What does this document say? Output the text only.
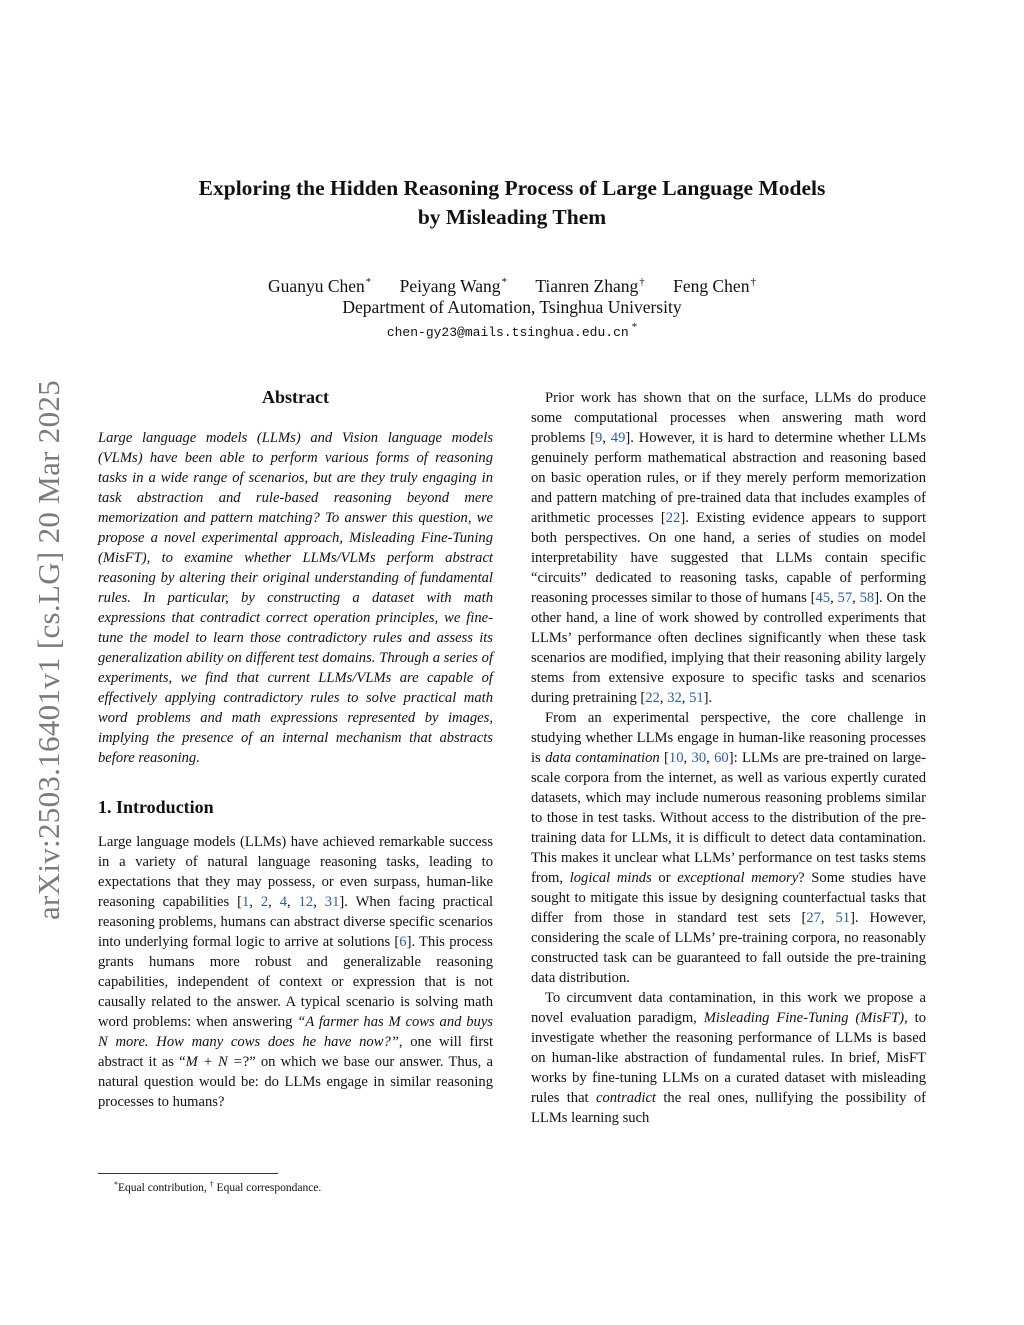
arXiv:2503.16401v1 [cs.LG] 20 Mar 2025
Exploring the Hidden Reasoning Process of Large Language Models
by Misleading Them
Guanyu Chen* Peiyang Wang* Tianren Zhang† Feng Chen†
Department of Automation, Tsinghua University
chen-gy23@mails.tsinghua.edu.cn *
Abstract

Large language models (LLMs) and Vision language models (VLMs) have been able to perform various forms of reasoning tasks in a wide range of scenarios, but are they truly engaging in task abstraction and rule-based reasoning beyond mere memorization and pattern matching? To answer this question, we propose a novel experimental approach, Misleading Fine-Tuning (MisFT), to examine whether LLMs/VLMs perform abstract reasoning by altering their original understanding of fundamental rules. In particular, by constructing a dataset with math expressions that contradict correct operation principles, we fine-tune the model to learn those contradictory rules and assess its generalization ability on different test domains. Through a series of experiments, we find that current LLMs/VLMs are capable of effectively applying contradictory rules to solve practical math word problems and math expressions represented by images, implying the presence of an internal mechanism that abstracts before reasoning.

1. Introduction

Large language models (LLMs) have achieved remarkable success in a variety of natural language reasoning tasks, leading to expectations that they may possess, or even surpass, human-like reasoning capabilities [1, 2, 4, 12, 31]. When facing practical reasoning problems, humans can abstract diverse specific scenarios into underlying formal logic to arrive at solutions [6]. This process grants humans more robust and generalizable reasoning capabilities, independent of context or expression that is not causally related to the answer. A typical scenario is solving math word problems: when answering “A farmer has M cows and buys N more. How many cows does he have now?”, one will first abstract it as “M + N =?” on which we base our answer. Thus, a natural question would be: do LLMs engage in similar reasoning processes to humans?

Prior work has shown that on the surface, LLMs do produce some computational processes when answering math word problems [9, 49]. However, it is hard to determine whether LLMs genuinely perform mathematical abstraction and reasoning based on basic operation rules, or if they merely perform memorization and pattern matching of pre-trained data that includes examples of arithmetic processes [22]. Existing evidence appears to support both perspectives. On one hand, a series of studies on model interpretability have suggested that LLMs contain specific “circuits” dedicated to reasoning tasks, capable of performing reasoning processes similar to those of humans [45, 57, 58]. On the other hand, a line of work showed by controlled experiments that LLMs’ performance often declines significantly when these task scenarios are modified, implying that their reasoning ability largely stems from extensive exposure to specific tasks and scenarios during pretraining [22, 32, 51].

From an experimental perspective, the core challenge in studying whether LLMs engage in human-like reasoning processes is data contamination [10, 30, 60]: LLMs are pre-trained on large-scale corpora from the internet, as well as various expertly curated datasets, which may include numerous reasoning problems similar to those in test tasks. Without access to the distribution of the pre-training data for LLMs, it is difficult to detect data contamination. This makes it unclear what LLMs’ performance on test tasks stems from, logical minds or exceptional memory? Some studies have sought to mitigate this issue by designing counterfactual tasks that differ from those in standard test sets [27, 51]. However, considering the scale of LLMs’ pre-training corpora, no reasonably constructed task can be guaranteed to fall outside the pre-training data distribution.

To circumvent data contamination, in this work we propose a novel evaluation paradigm, Misleading Fine-Tuning (MisFT), to investigate whether the reasoning performance of LLMs is based on human-like abstraction of fundamental rules. In brief, MisFT works by fine-tuning LLMs on a curated dataset with misleading rules that contradict the real ones, nullifying the possibility of LLMs learning such

*Equal contribution, † Equal correspondance.
